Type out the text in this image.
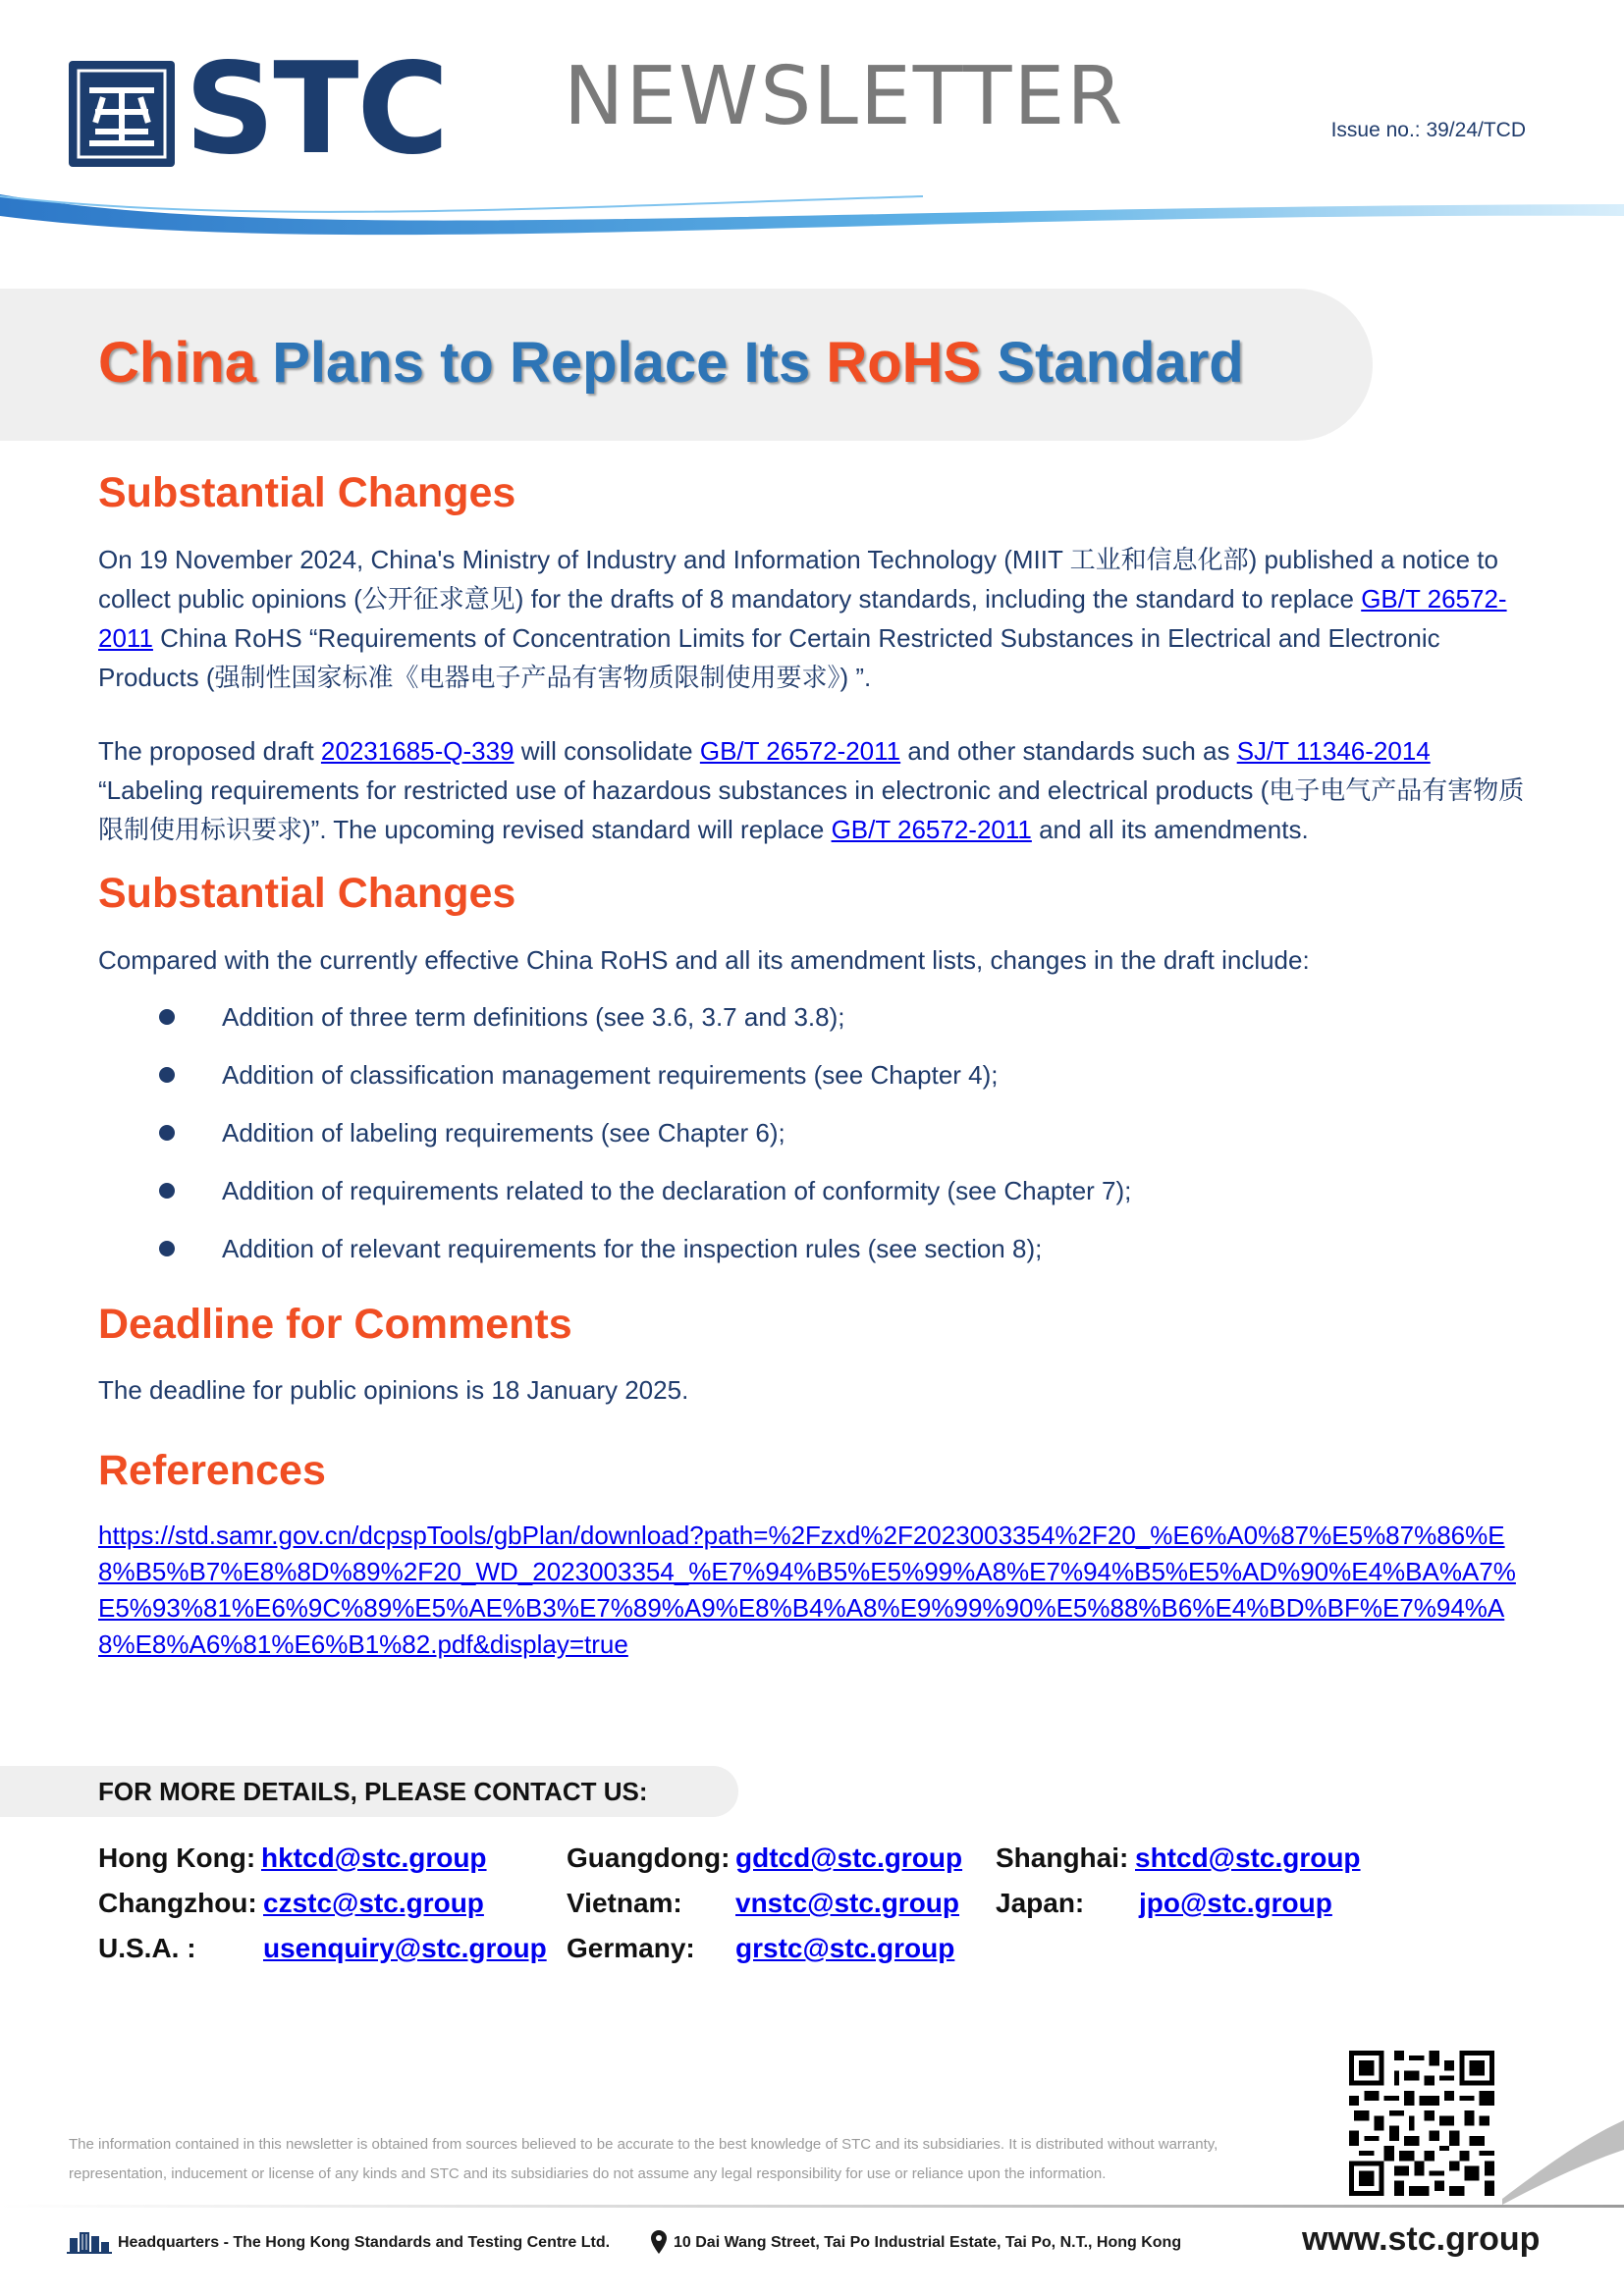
STC NEWSLETTER	Issue no.: 39/24/TCD
China Plans to Replace Its RoHS Standard
Substantial Changes
On 19 November 2024, China's Ministry of Industry and Information Technology (MIIT 工业和信息化部) published a notice to collect public opinions (公开征求意见) for the drafts of 8 mandatory standards, including the standard to replace GB/T 26572-2011 China RoHS “Requirements of Concentration Limits for Certain Restricted Substances in Electrical and Electronic Products (强制性国家标准《电器电子产品有害物质限制使用要求》) ”.
The proposed draft 20231685-Q-339 will consolidate GB/T 26572-2011 and other standards such as SJ/T 11346-2014 “Labeling requirements for restricted use of hazardous substances in electronic and electrical products (电子电气产品有害物质限制使用标识要求)”. The upcoming revised standard will replace GB/T 26572-2011 and all its amendments.
Substantial Changes
Compared with the currently effective China RoHS and all its amendment lists, changes in the draft include:
Addition of three term definitions (see 3.6, 3.7 and 3.8);
Addition of classification management requirements (see Chapter 4);
Addition of labeling requirements (see Chapter 6);
Addition of requirements related to the declaration of conformity (see Chapter 7);
Addition of relevant requirements for the inspection rules (see section 8);
Deadline for Comments
The deadline for public opinions is 18 January 2025.
References
https://std.samr.gov.cn/dcpspTools/gbPlan/download?path=%2Fzxd%2F2023003354%2F20_%E6%A0%87%E5%87%86%E8%B5%B7%E8%8D%89%2F20_WD_2023003354_%E7%94%B5%E5%99%A8%E7%94%B5%E5%AD%90%E4%BA%A7%E5%93%81%E6%9C%89%E5%AE%B3%E7%89%A9%E8%B4%A8%E9%99%90%E5%88%B6%E4%BD%BF%E7%94%A8%E8%A6%81%E6%B1%82.pdf&display=true
FOR MORE DETAILS, PLEASE CONTACT US:
Hong Kong: hktcd@stc.group	Guangdong: gdtcd@stc.group Shanghai: shtcd@stc.group
Changzhou: czstc@stc.group	Vietnam: vnstc@stc.group Japan: jpo@stc.group
U.S.A. : usenquiry@stc.group Germany: grstc@stc.group
The information contained in this newsletter is obtained from sources believed to be accurate to the best knowledge of STC and its subsidiaries. It is distributed without warranty, representation, inducement or license of any kinds and STC and its subsidiaries do not assume any legal responsibility for use or reliance upon the information.
Headquarters - The Hong Kong Standards and Testing Centre Ltd.	10 Dai Wang Street, Tai Po Industrial Estate, Tai Po, N.T., Hong Kong	www.stc.group
